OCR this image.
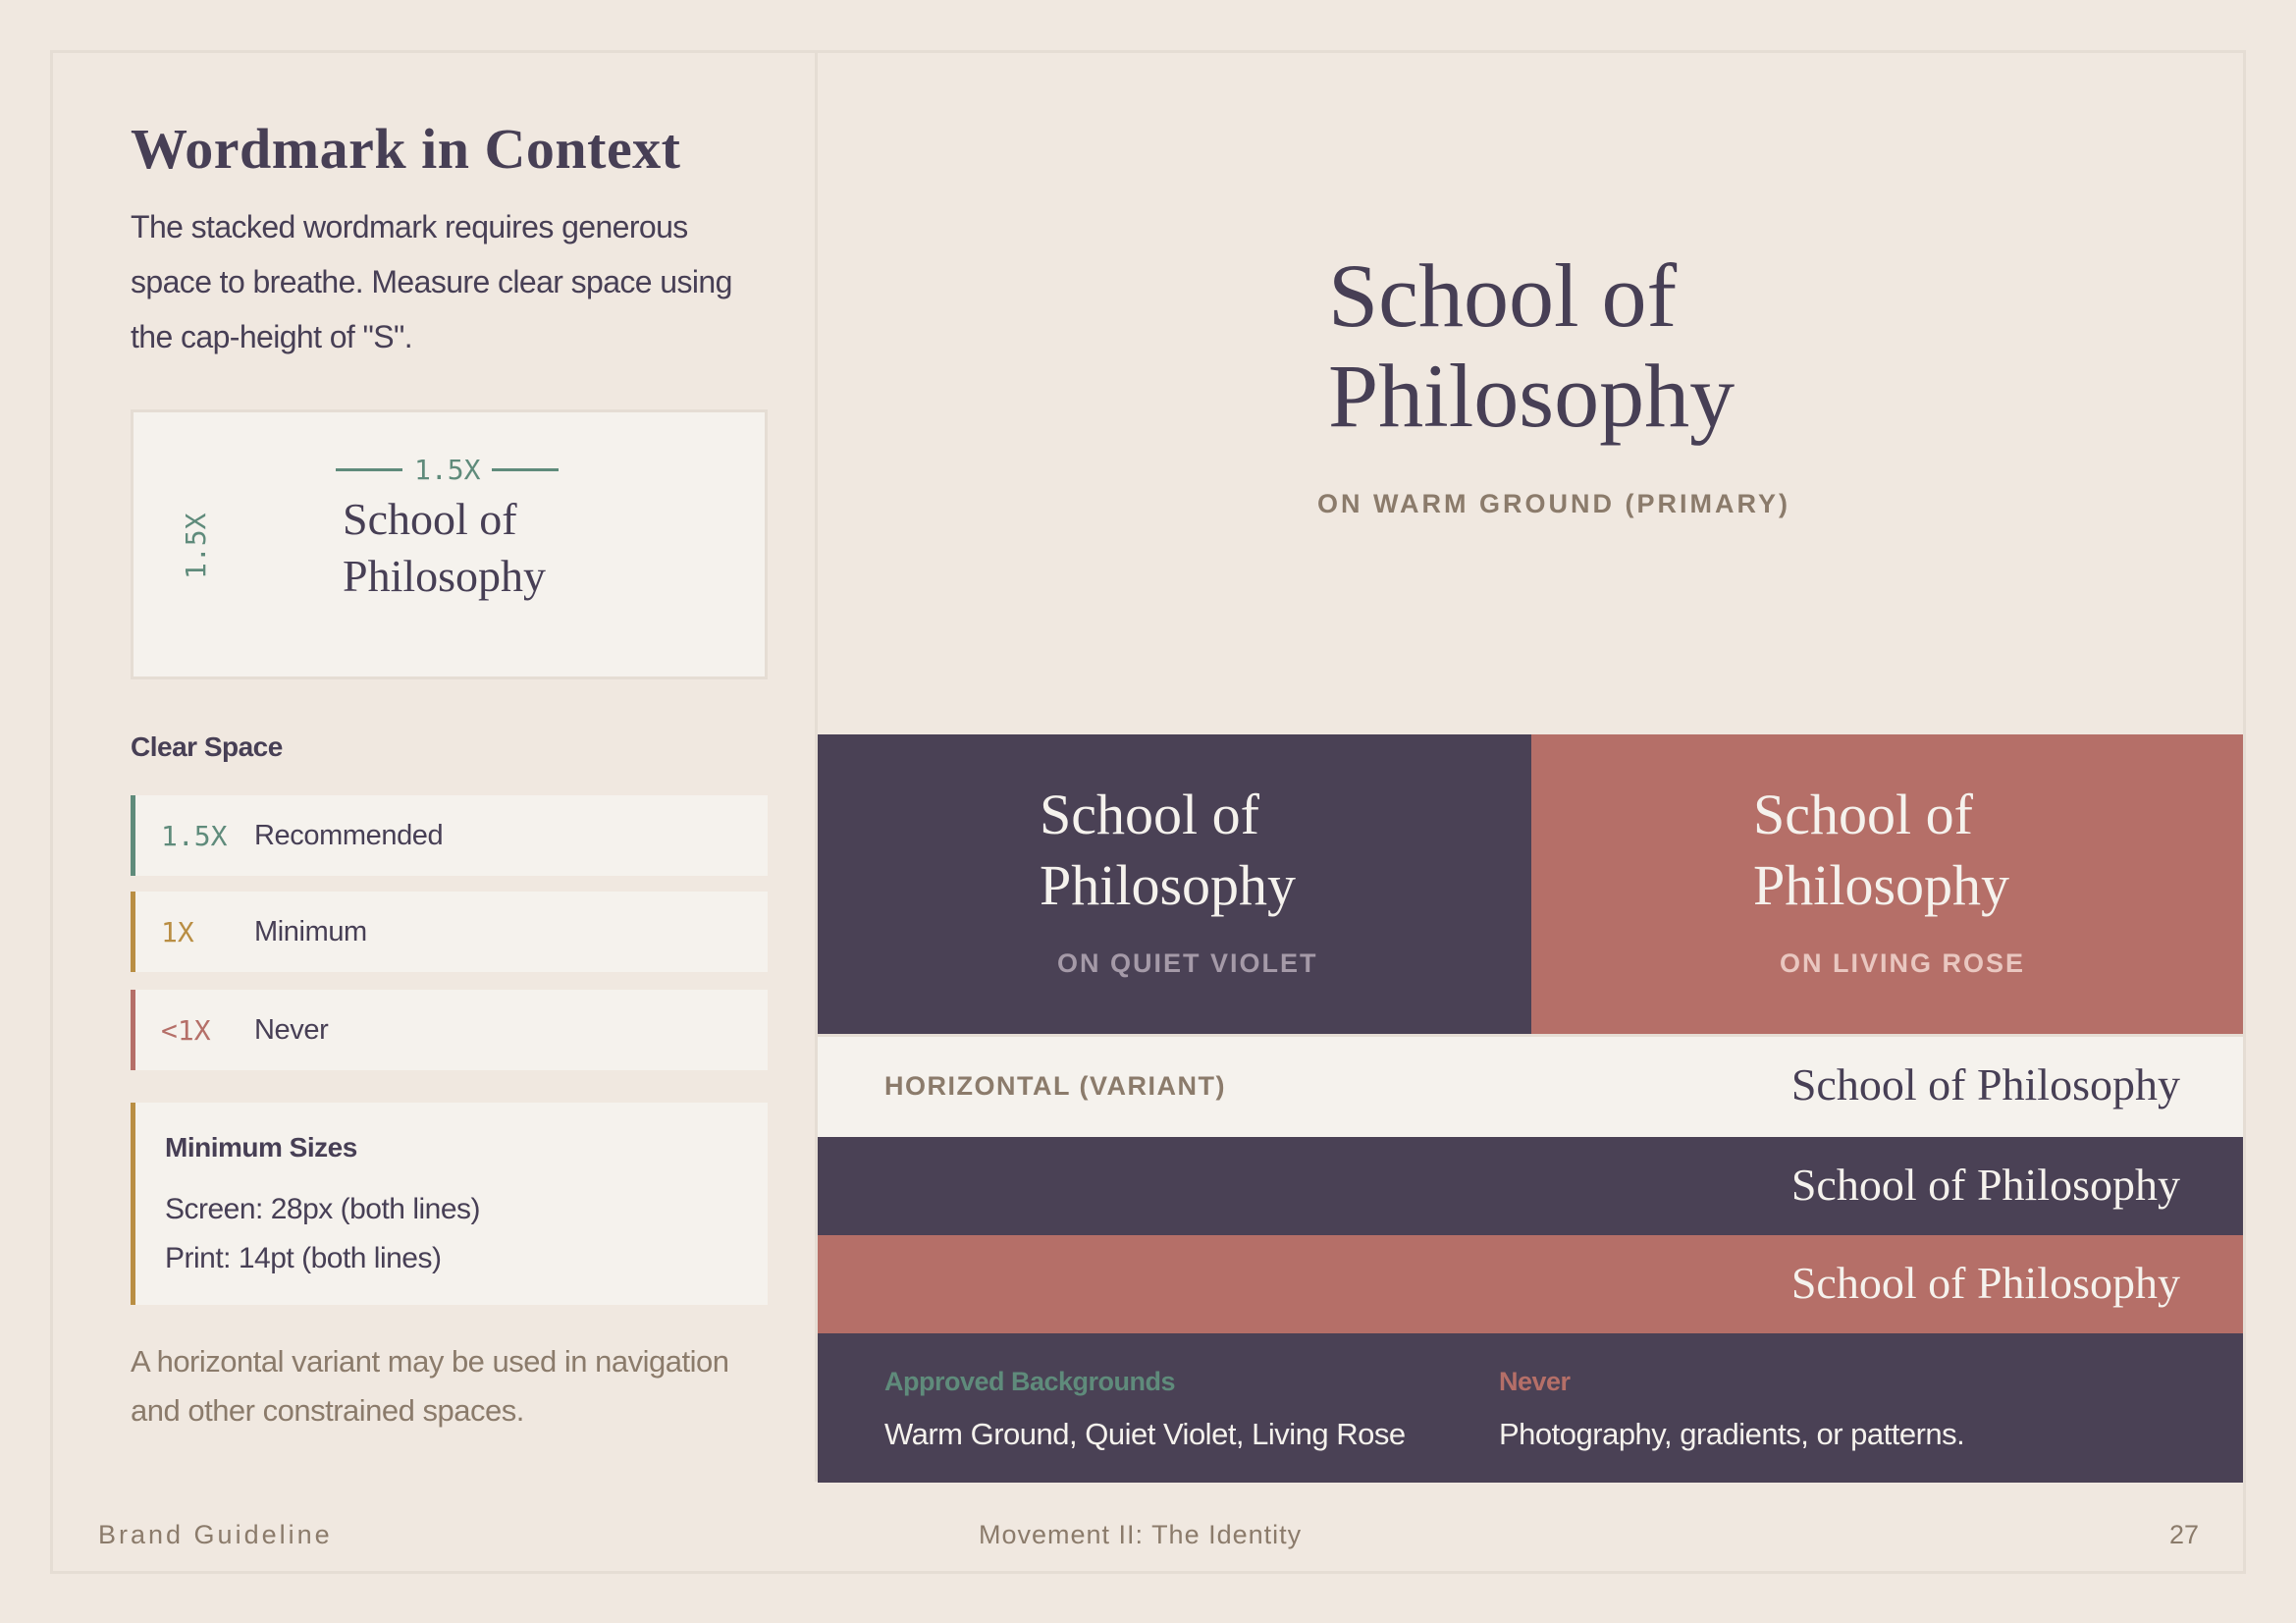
Wordmark in Context

The stacked wordmark requires generous space to breathe. Measure clear space using the cap-height of "S".

1.5X
1.5X
School of
Philosophy
Clear Space
1.5X Recommended
1X	Minimum
<1X	Never
Minimum Sizes
Screen: 28px (both lines)
Print: 14pt (both lines)

A horizontal variant may be used in navigation and other constrained spaces.

School of
Philosophy
ON WARM GROUND (PRIMARY)
School of
Philosophy
ON QUIET VIOLET
School of
Philosophy
ON LIVING ROSE
HORIZONTAL (VARIANT)	School of Philosophy
School of Philosophy
School of Philosophy
Approved Backgrounds
Warm Ground, Quiet Violet, Living Rose
Never
Photography, gradients, or patterns.
Brand Guideline	Movement II: The Identity	27
